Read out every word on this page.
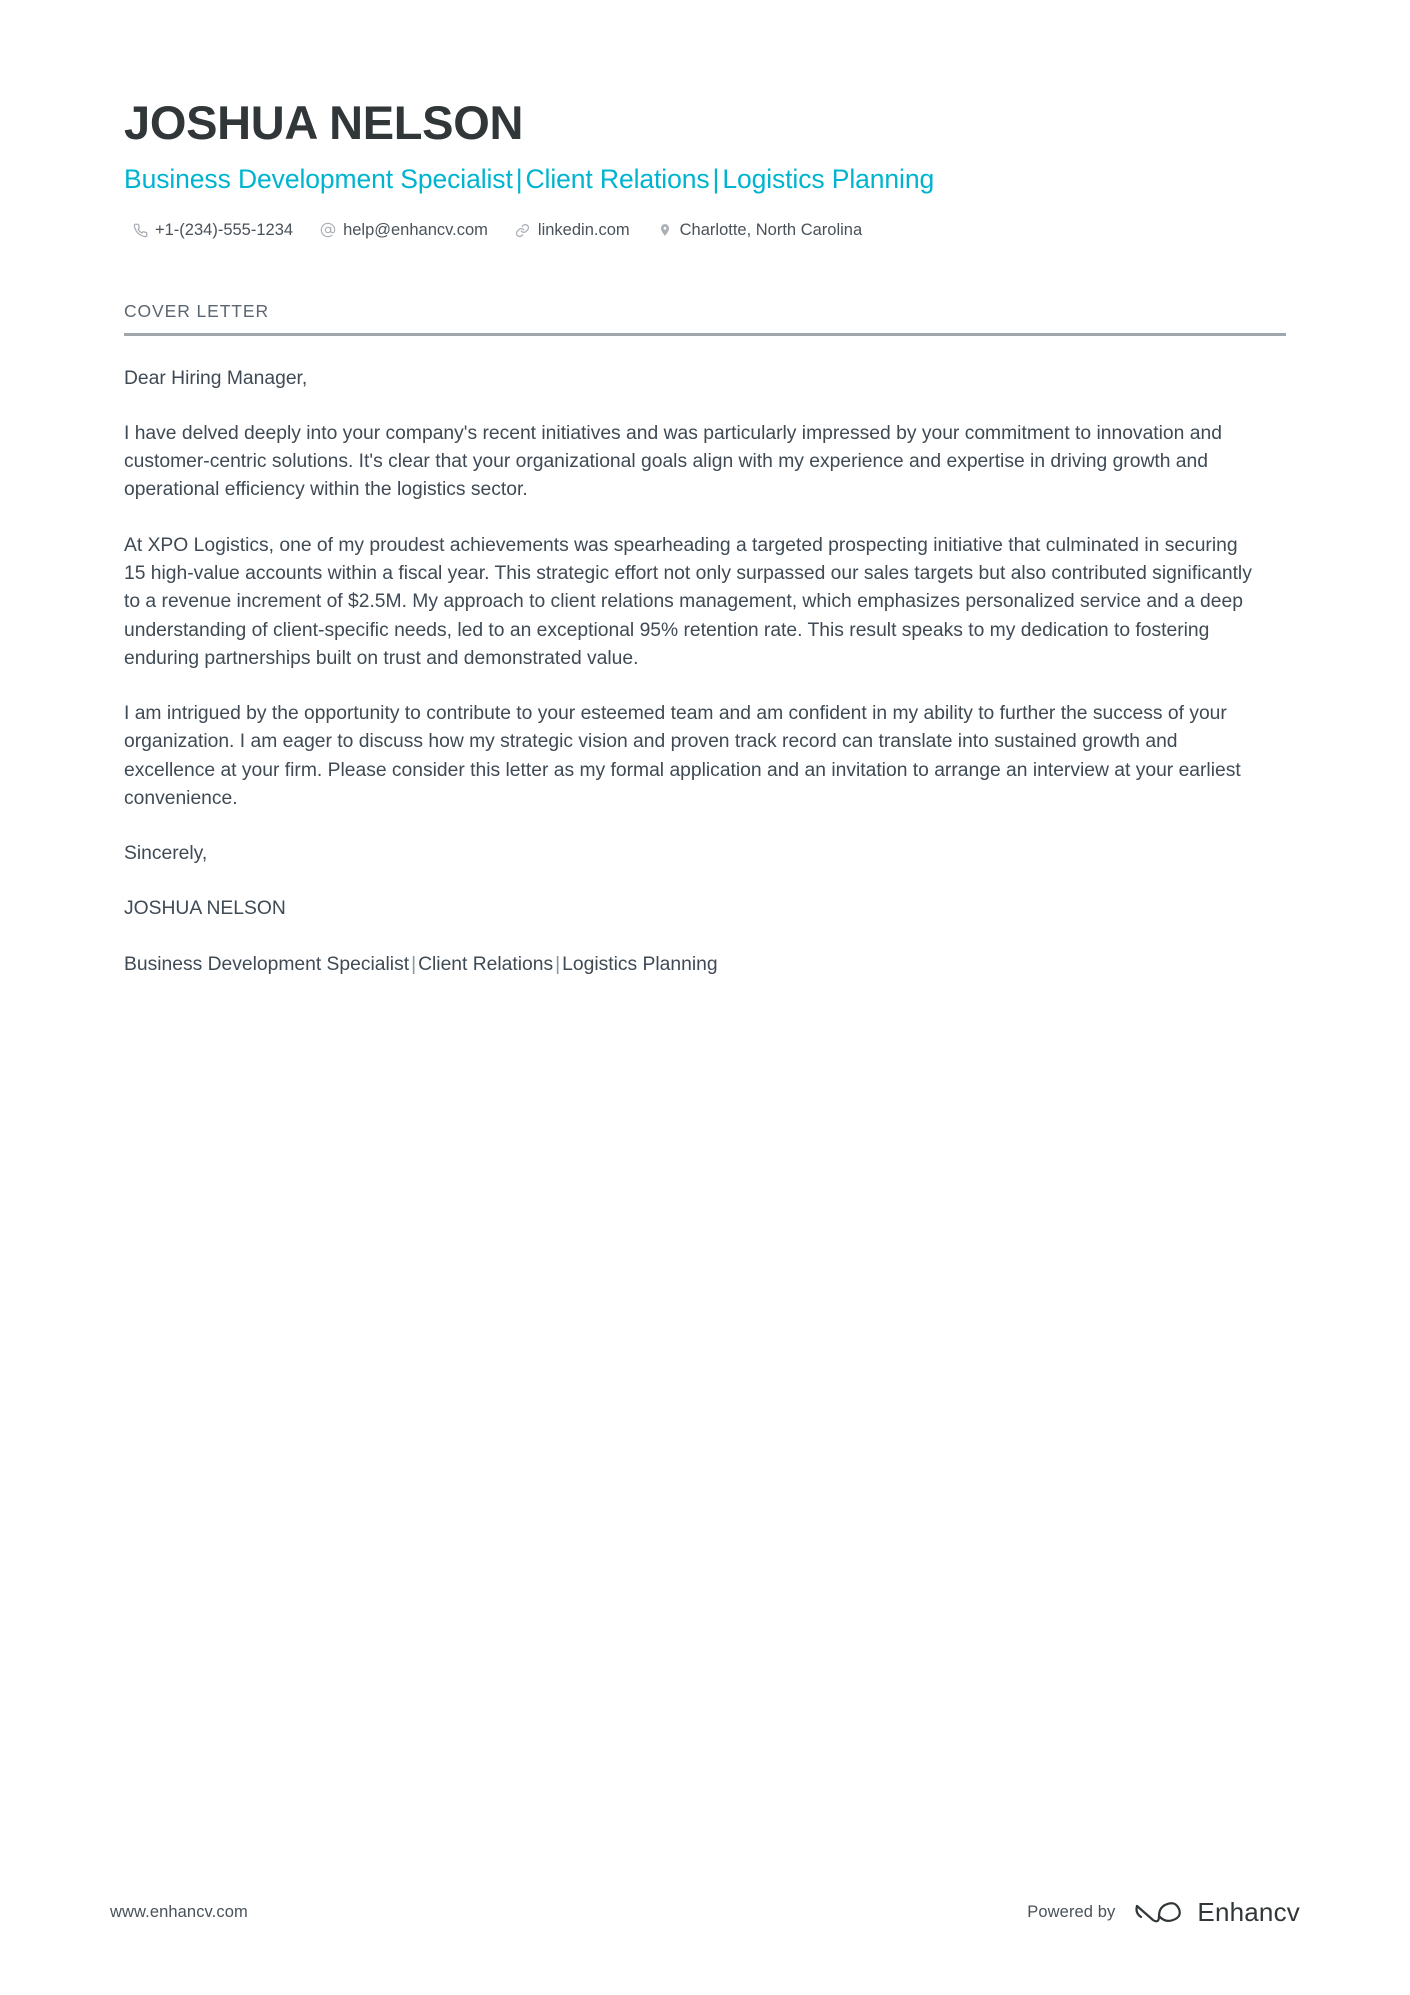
JOSHUA NELSON
Business Development Specialist | Client Relations | Logistics Planning
+1-(234)-555-1234	help@enhancv.com	linkedin.com	Charlotte, North Carolina
COVER LETTER

Dear Hiring Manager,

I have delved deeply into your company's recent initiatives and was particularly impressed by your commitment to innovation and customer-centric solutions. It's clear that your organizational goals align with my experience and expertise in driving growth and operational efficiency within the logistics sector.

At XPO Logistics, one of my proudest achievements was spearheading a targeted prospecting initiative that culminated in securing 15 high-value accounts within a fiscal year. This strategic effort not only surpassed our sales targets but also contributed significantly to a revenue increment of $2.5M. My approach to client relations management, which emphasizes personalized service and a deep understanding of client-specific needs, led to an exceptional 95% retention rate. This result speaks to my dedication to fostering enduring partnerships built on trust and demonstrated value.

I am intrigued by the opportunity to contribute to your esteemed team and am confident in my ability to further the success of your organization. I am eager to discuss how my strategic vision and proven track record can translate into sustained growth and excellence at your firm. Please consider this letter as my formal application and an invitation to arrange an interview at your earliest convenience.

Sincerely,

JOSHUA NELSON

Business Development Specialist | Client Relations | Logistics Planning

www.enhancv.com	Powered by	Enhancv
